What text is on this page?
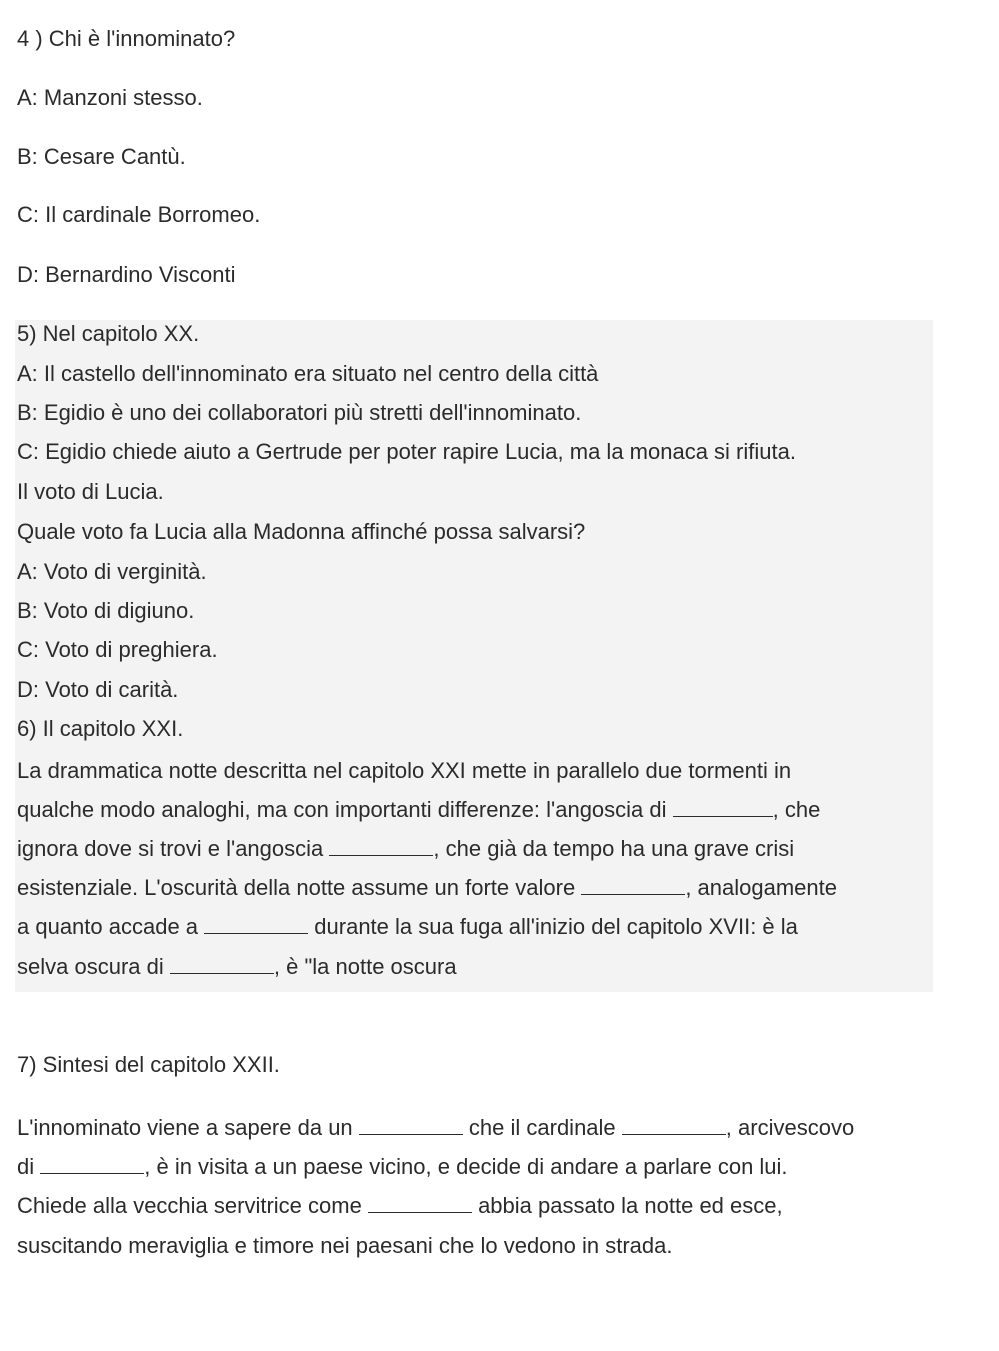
4 ) Chi è l'innominato?
A: Manzoni stesso.
B: Cesare Cantù.
C: Il cardinale Borromeo.
D: Bernardino Visconti
5) Nel capitolo XX.
A: Il castello dell'innominato era situato nel centro della città
B: Egidio è uno dei collaboratori più stretti dell'innominato.
C: Egidio chiede aiuto a Gertrude per poter rapire Lucia, ma la monaca si rifiuta.
Il voto di Lucia.
Quale voto fa Lucia alla Madonna affinché possa salvarsi?
A: Voto di verginità.
B: Voto di digiuno.
C: Voto di preghiera.
D: Voto di carità.
6) Il capitolo XXI.
La drammatica notte descritta nel capitolo XXI mette in parallelo due tormenti in
qualche modo analoghi, ma con importanti differenze: l'angoscia di	, che
ignora dove si trovi e l'angoscia	, che già da tempo ha una grave crisi
esistenziale. L'oscurità della notte assume un forte valore	, analogamente
a quanto accade a	durante la sua fuga all'inizio del capitolo XVII: è la
selva oscura di	, è "la notte oscura
7) Sintesi del capitolo XXII.
L'innominato viene a sapere da un	che il cardinale	, arcivescovo
di	, è in visita a un paese vicino, e decide di andare a parlare con lui.
Chiede alla vecchia servitrice come	abbia passato la notte ed esce,
suscitando meraviglia e timore nei paesani che lo vedono in strada.
